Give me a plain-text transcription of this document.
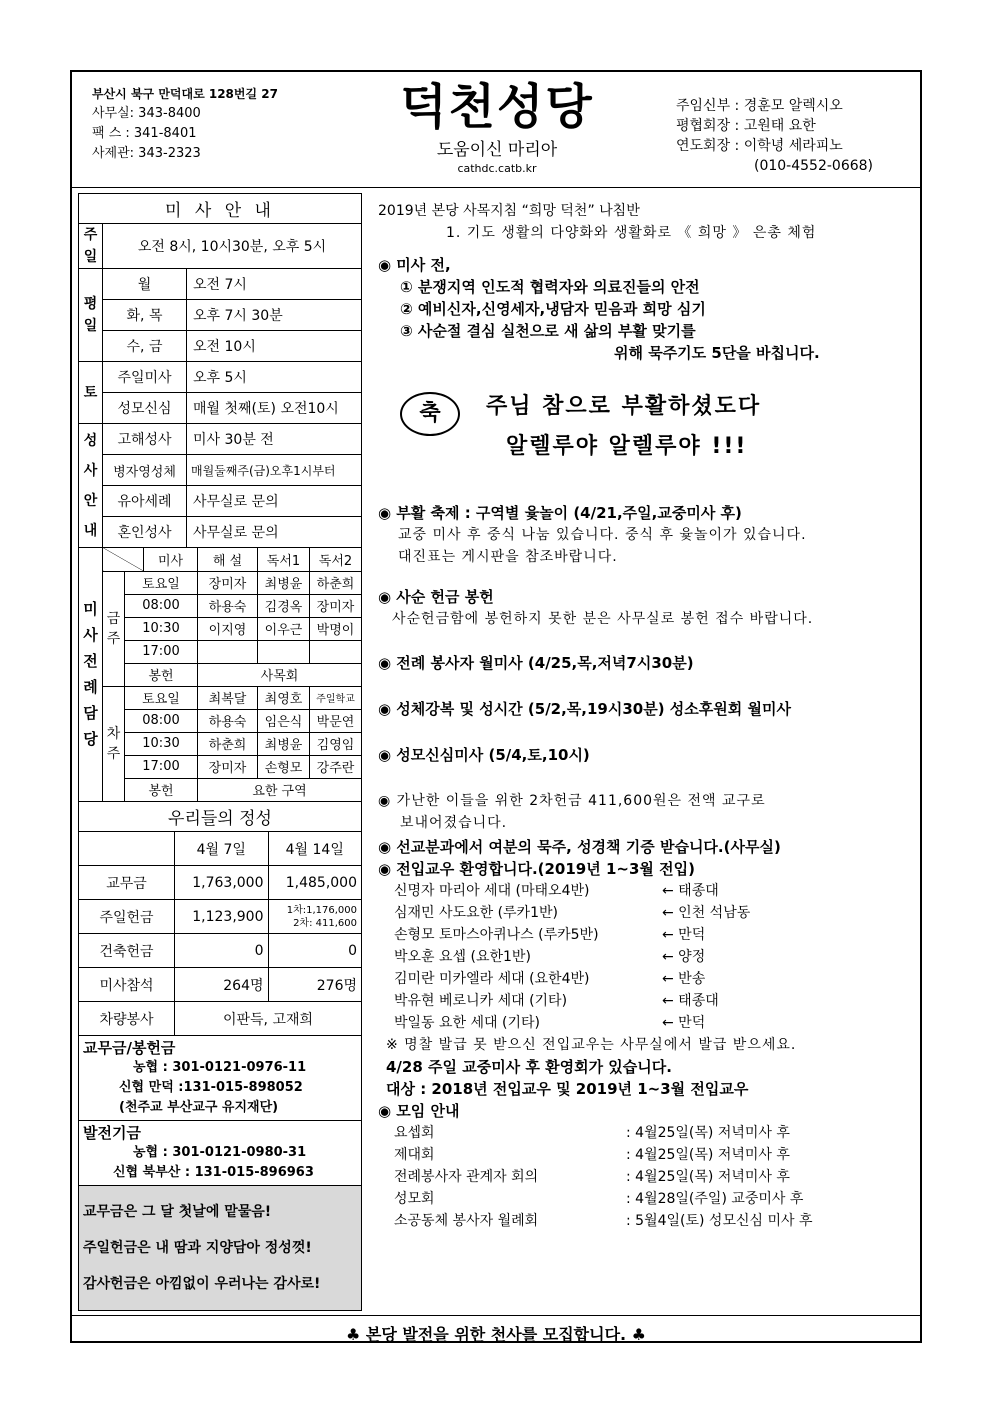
부산시 북구 만덕대로 128번길 27
사무실: 343-8400
팩 스 : 341-8401
사제관: 343-2323
덕천성당
도움이신 마리아
cathdc.catb.kr
주임신부 : 경훈모 알렉시오
평협회장 : 고원태 요한
연도회장 : 이학녕 세라피노
(010-4552-0668)
미 사 안 내		
주일	오전 8시, 10시30분, 오후 5시	
평일	월	오전 7시
	화, 목	오후 7시 30분
	수, 금	오전 10시
토	주일미사	오후 5시
	성모신심	매월 첫째(토) 오전10시
성사안내	고해성사	미사 30분 전
	병자영성체	매월둘째주(금)오후1시부터
	유아세례	사무실로 문의
	혼인성사	사무실로 문의
미사전례담당			미사	해 설	독서1	독서2
	금주	토요일		장미자	최병윤	하춘희
		08:00		하용숙	김경옥	장미자
		10:30		이지영	이우근	박명이
		17:00				
		봉헌		사목회		
	차주	토요일		최복달	최영호	주일학교
		08:00		하용숙	임은식	박문연
		10:30		하춘희	최병윤	김영임
		17:00		장미자	손형모	강주란
		봉헌		요한 구역		
우리들의 정성		
	4월 7일	4월 14일
교무금	1,763,000	1,485,000
주일헌금	1,123,900	1차:1,176,000
2차: 411,600

건축헌금	0	0
미사참석	264명	276명
차량봉사	이판득, 고재희	
교무금/봉헌금
농협 : 301-0121-0976-11
신협 만덕 :131-015-898052
(천주교 부산교구 유지재단)
발전기금
농협 : 301-0121-0980-31
신협 북부산 : 131-015-896963
교무금은 그 달 첫날에 맡물음!
주일헌금은 내 땀과 지양담아 정성껏!
감사헌금은 아낌없이 우러나는 감사로!
2019년 본당 사목지침 “희망 덕천” 나침반
1. 기도 생활의 다양화와 생활화로 《 희망 》 은총 체험
◉ 미사 전,
① 분쟁지역 인도적 협력자와 의료진들의 안전
② 예비신자,신영세자,냉담자 믿음과 희망 심기
③ 사순절 결심 실천으로 새 삶의 부활 맞기를
위해 묵주기도 5단을 바칩니다.
축	주님 참으로 부활하셨도다
알렐루야 알렐루야 !!!
◉ 부활 축제 : 구역별 윷놀이 (4/21,주일,교중미사 후)
교중 미사 후 중식 나눔 있습니다. 중식 후 윷놀이가 있습니다.
대진표는 게시판을 참조바랍니다.
◉ 사순 헌금 봉헌
사순헌금함에 봉헌하지 못한 분은 사무실로 봉헌 접수 바랍니다.
◉ 전례 봉사자 월미사 (4/25,목,저녁7시30분)
◉ 성체강복 및 성시간 (5/2,목,19시30분) 성소후원회 월미사
◉ 성모신심미사 (5/4,토,10시)
◉ 가난한 이들을 위한 2차헌금 411,600원은 전액 교구로
보내어졌습니다.
◉ 선교분과에서 여분의 묵주, 성경책 기증 받습니다.(사무실)
◉ 전입교우 환영합니다.(2019년 1~3월 전입)
신명자 마리아 세대 (마태오4반)	← 태종대
심재민 사도요한 (루카1반)	← 인천 석남동
손형모 토마스아퀴나스 (루카5반)	← 만덕
박오훈 요셉 (요한1반)	← 양정
김미란 미카엘라 세대 (요한4반)	← 반송
박유현 베로니카 세대 (기타)	← 태종대
박일동 요한 세대 (기타)	← 만덕
※ 명찰 발급 못 받으신 전입교우는 사무실에서 발급 받으세요.
4/28 주일 교중미사 후 환영회가 있습니다.
대상 : 2018년 전입교우 및 2019년 1~3월 전입교우
◉ 모임 안내
요셉회	: 4월25일(목) 저녁미사 후
제대회	: 4월25일(목) 저녁미사 후
전례봉사자 관계자 회의	: 4월25일(목) 저녁미사 후
성모회	: 4월28일(주일) 교중미사 후
소공동체 봉사자 월례회	: 5월4일(토) 성모신심 미사 후
♣ 본당 발전을 위한 천사를 모집합니다. ♣
